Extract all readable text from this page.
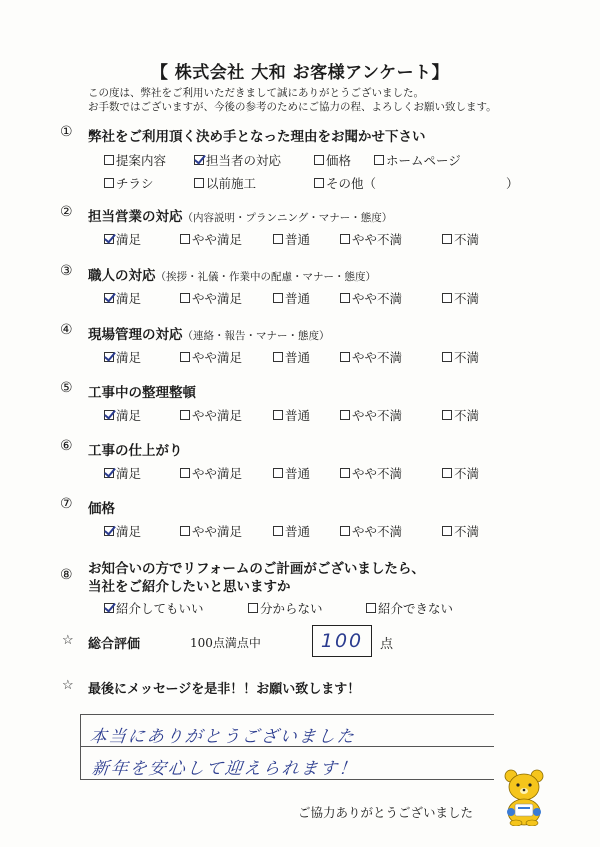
【 株式会社 大和 お客様アンケート】
この度は、弊社をご利用いただきまして誠にありがとうございました。
お手数ではございますが、今後の参考のためにご協力の程、よろしくお願い致します。
① 弊社をご利用頂く決め手となった理由をお聞かせ下さい
提案内容	担当者の対応	価格	ホームページ
チラシ	以前施工	その他（	）
② 担当営業の対応（内容説明・プランニング・マナー・態度）
満足	やや満足	普通	やや不満	不満
③ 職人の対応（挨拶・礼儀・作業中の配慮・マナー・態度）
満足	やや満足	普通	やや不満	不満
④ 現場管理の対応（連絡・報告・マナー・態度）
満足	やや満足	普通	やや不満	不満
⑤ 工事中の整理整頓
満足	やや満足	普通	やや不満	不満
⑥ 工事の仕上がり
満足	やや満足	普通	やや不満	不満
⑦ 価格
満足	やや満足	普通	やや不満	不満
⑧ お知合いの方でリフォームのご計画がございましたら、
当社をご紹介したいと思いますか
紹介してもいい	分からない	紹介できない
☆ 総合評価	100点満点中	100	点
☆ 最後にメッセージを是非！！お願い致します！
本当にありがとうございました
新年を安心して迎えられます！
ご協力ありがとうございました
